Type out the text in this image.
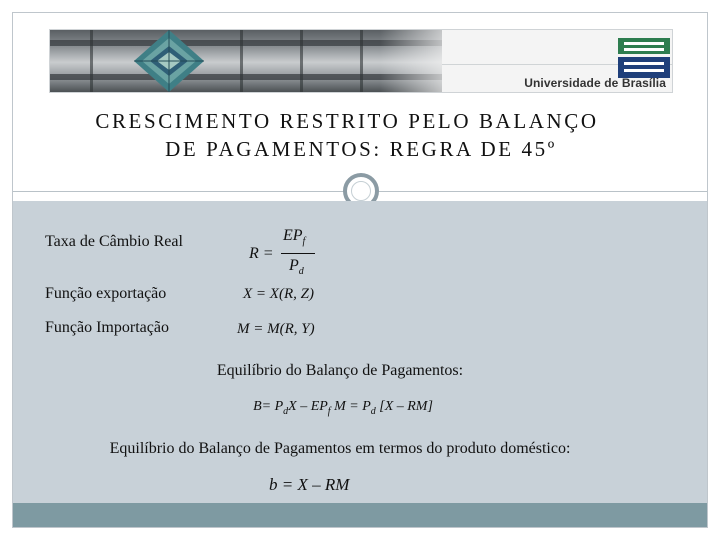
Universidade de Brasília
CRESCIMENTO RESTRITO PELO BALANÇO
DE PAGAMENTOS: REGRA DE 45º
Taxa de Câmbio Real
R =
$EP_f$
$P_d$
Função exportação	X = X(R, Z)
Função Importação	M = M(R, Y)
Equilíbrio do Balanço de Pagamentos:
$B= P_dX - EP_f$ $M = P_d$ [X – RM]
Equilíbrio do Balanço de Pagamentos em termos do produto doméstico:
b = X – RM
